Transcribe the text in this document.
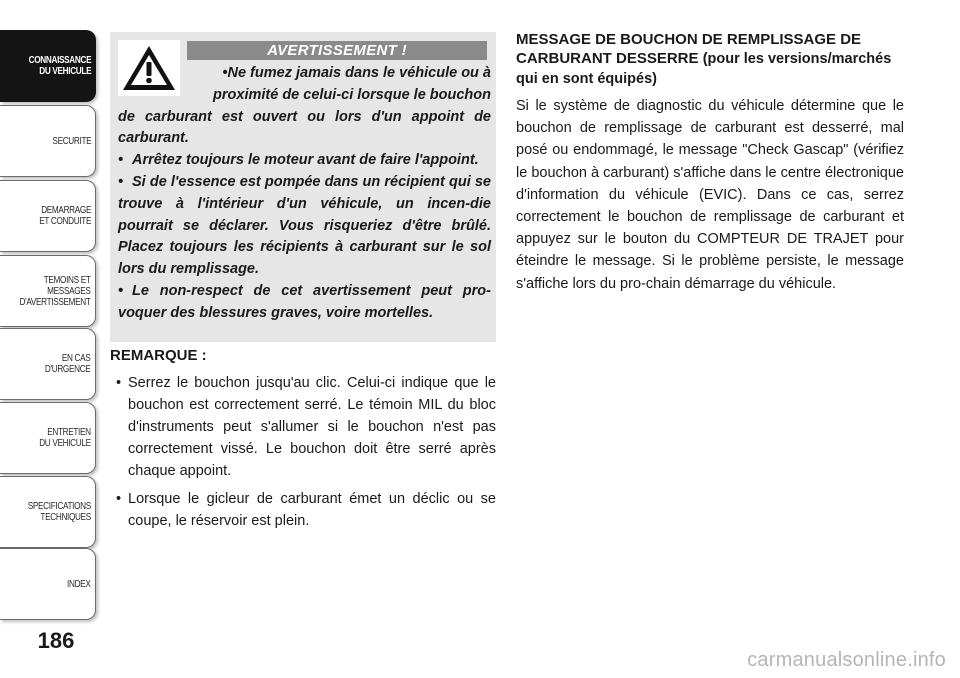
CONNAISSANCE
DU VEHICULE
SECURITE
DEMARRAGE
ET CONDUITE
TEMOINS ET
MESSAGES
D'AVERTISSEMENT
EN CAS
D'URGENCE
ENTRETIEN
DU VEHICULE
SPECIFICATIONS
TECHNIQUES
INDEX
186
AVERTISSEMENT !

•Ne fumez jamais dans le véhicule ou à

proximité de celui-ci lorsque le bouchon

de carburant est ouvert ou lors d'un appoint de carburant.

• Arrêtez toujours le moteur avant de faire l'appoint.

• Si de l'essence est pompée dans un récipient qui se trouve à l'intérieur d'un véhicule, un incen-die pourrait se déclarer. Vous risqueriez d'être brûlé. Placez toujours les récipients à carburant sur le sol lors du remplissage.

• Le non-respect de cet avertissement peut pro-voquer des blessures graves, voire mortelles.

REMARQUE :
• Serrez le bouchon jusqu'au clic. Celui-ci indique que le bouchon est correctement serré. Le témoin MIL du bloc d'instruments peut s'allumer si le bouchon n'est pas correctement vissé. Le bouchon doit être serré après chaque appoint.
• Lorsque le gicleur de carburant émet un déclic ou se coupe, le réservoir est plein.
MESSAGE DE BOUCHON DE REMPLISSAGE DE CARBURANT DESSERRE (pour les versions/marchés qui en sont équipés)

Si le système de diagnostic du véhicule détermine que le bouchon de remplissage de carburant est desserré, mal posé ou endommagé, le message "Check Gascap" (vérifiez le bouchon à carburant) s'affiche dans le centre électronique d'information du véhicule (EVIC). Dans ce cas, serrez correctement le bouchon de remplissage de carburant et appuyez sur le bouton du COMPTEUR DE TRAJET pour éteindre le message. Si le problème persiste, le message s'affiche lors du pro-chain démarrage du véhicule.

carmanualsonline.info
